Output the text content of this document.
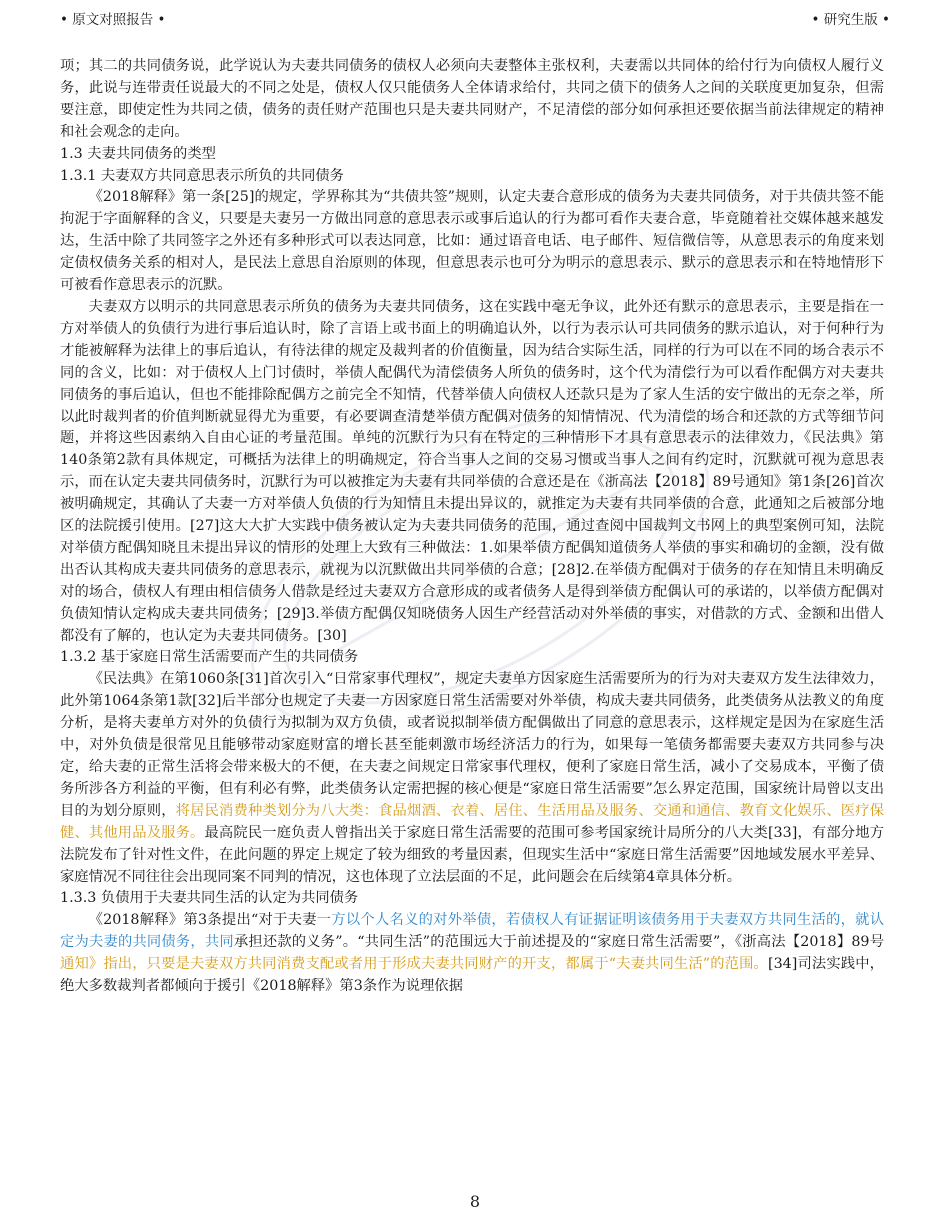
• 原文对照报告 •	• 研究生版 •

项；其二的共同债务说，此学说认为夫妻共同债务的债权人必须向夫妻整体主张权利，夫妻需以共同体的给付行为向债权人履行义务，此说与连带责任说最大的不同之处是，债权人仅只能债务人全体请求给付，共同之债下的债务人之间的关联度更加复杂，但需要注意，即使定性为共同之债，债务的责任财产范围也只是夫妻共同财产，不足清偿的部分如何承担还要依据当前法律规定的精神和社会观念的走向。

1.3 夫妻共同债务的类型

1.3.1 夫妻双方共同意思表示所负的共同债务

《2018解释》第一条[25]的规定，学界称其为“共债共签”规则，认定夫妻合意形成的债务为夫妻共同债务，对于共债共签不能拘泥于字面解释的含义，只要是夫妻另一方做出同意的意思表示或事后追认的行为都可看作夫妻合意，毕竟随着社交媒体越来越发达，生活中除了共同签字之外还有多种形式可以表达同意，比如：通过语音电话、电子邮件、短信微信等，从意思表示的角度来划定债权债务关系的相对人，是民法上意思自治原则的体现，但意思表示也可分为明示的意思表示、默示的意思表示和在特地情形下可被看作意思表示的沉默。

夫妻双方以明示的共同意思表示所负的债务为夫妻共同债务，这在实践中毫无争议，此外还有默示的意思表示，主要是指在一方对举债人的负债行为进行事后追认时，除了言语上或书面上的明确追认外，以行为表示认可共同债务的默示追认，对于何种行为才能被解释为法律上的事后追认，有待法律的规定及裁判者的价值衡量，因为结合实际生活，同样的行为可以在不同的场合表示不同的含义，比如：对于债权人上门讨债时，举债人配偶代为清偿债务人所负的债务时，这个代为清偿行为可以看作配偶方对夫妻共同债务的事后追认，但也不能排除配偶方之前完全不知情，代替举债人向债权人还款只是为了家人生活的安宁做出的无奈之举，所以此时裁判者的价值判断就显得尤为重要，有必要调查清楚举债方配偶对债务的知情情况、代为清偿的场合和还款的方式等细节问题，并将这些因素纳入自由心证的考量范围。单纯的沉默行为只有在特定的三种情形下才具有意思表示的法律效力，《民法典》第140条第2款有具体规定，可概括为法律上的明确规定，符合当事人之间的交易习惯或当事人之间有约定时，沉默就可视为意思表示，而在认定夫妻共同债务时，沉默行为可以被推定为夫妻有共同举债的合意还是在《浙高法【2018】89号通知》第1条[26]首次被明确规定，其确认了夫妻一方对举债人负债的行为知情且未提出异议的，就推定为夫妻有共同举债的合意，此通知之后被部分地区的法院援引使用。[27]这大大扩大实践中债务被认定为夫妻共同债务的范围，通过查阅中国裁判文书网上的典型案例可知，法院对举债方配偶知晓且未提出异议的情形的处理上大致有三种做法：1.如果举债方配偶知道债务人举债的事实和确切的金额，没有做出否认其构成夫妻共同债务的意思表示，就视为以沉默做出共同举债的合意；[28]2.在举债方配偶对于债务的存在知情且未明确反对的场合，债权人有理由相信债务人借款是经过夫妻双方合意形成的或者债务人是得到举债方配偶认可的承诺的，以举债方配偶对负债知情认定构成夫妻共同债务；[29]3.举债方配偶仅知晓债务人因生产经营活动对外举债的事实，对借款的方式、金额和出借人都没有了解的，也认定为夫妻共同债务。[30]

1.3.2 基于家庭日常生活需要而产生的共同债务

《民法典》在第1060条[31]首次引入“日常家事代理权”，规定夫妻单方因家庭生活需要所为的行为对夫妻双方发生法律效力，此外第1064条第1款[32]后半部分也规定了夫妻一方因家庭日常生活需要对外举债，构成夫妻共同债务，此类债务从法教义的角度分析，是将夫妻单方对外的负债行为拟制为双方负债，或者说拟制举债方配偶做出了同意的意思表示，这样规定是因为在家庭生活中，对外负债是很常见且能够带动家庭财富的增长甚至能刺激市场经济活力的行为，如果每一笔债务都需要夫妻双方共同参与决定，给夫妻的正常生活将会带来极大的不便，在夫妻之间规定日常家事代理权，便利了家庭日常生活，减小了交易成本，平衡了债务所涉各方利益的平衡，但有利必有弊，此类债务认定需把握的核心便是“家庭日常生活需要”怎么界定范围，国家统计局曾以支出目的为划分原则，将居民消费种类划分为八大类：食品烟酒、衣着、居住、生活用品及服务、交通和通信、教育文化娱乐、医疗保健、其他用品及服务。最高院民一庭负责人曾指出关于家庭日常生活需要的范围可参考国家统计局所分的八大类[33]，有部分地方法院发布了针对性文件，在此问题的界定上规定了较为细致的考量因素，但现实生活中“家庭日常生活需要”因地域发展水平差异、家庭情况不同往往会出现同案不同判的情况，这也体现了立法层面的不足，此问题会在后续第4章具体分析。

1.3.3 负债用于夫妻共同生活的认定为共同债务

《2018解释》第3条提出“对于夫妻一方以个人名义的对外举债，若债权人有证据证明该债务用于夫妻双方共同生活的，就认定为夫妻的共同债务，共同承担还款的义务”。“共同生活”的范围远大于前述提及的“家庭日常生活需要”，《浙高法【2018】89号通知》指出，只要是夫妻双方共同消费支配或者用于形成夫妻共同财产的开支，都属于“夫妻共同生活”的范围。[34]司法实践中，绝大多数裁判者都倾向于援引《2018解释》第3条作为说理依据

8
